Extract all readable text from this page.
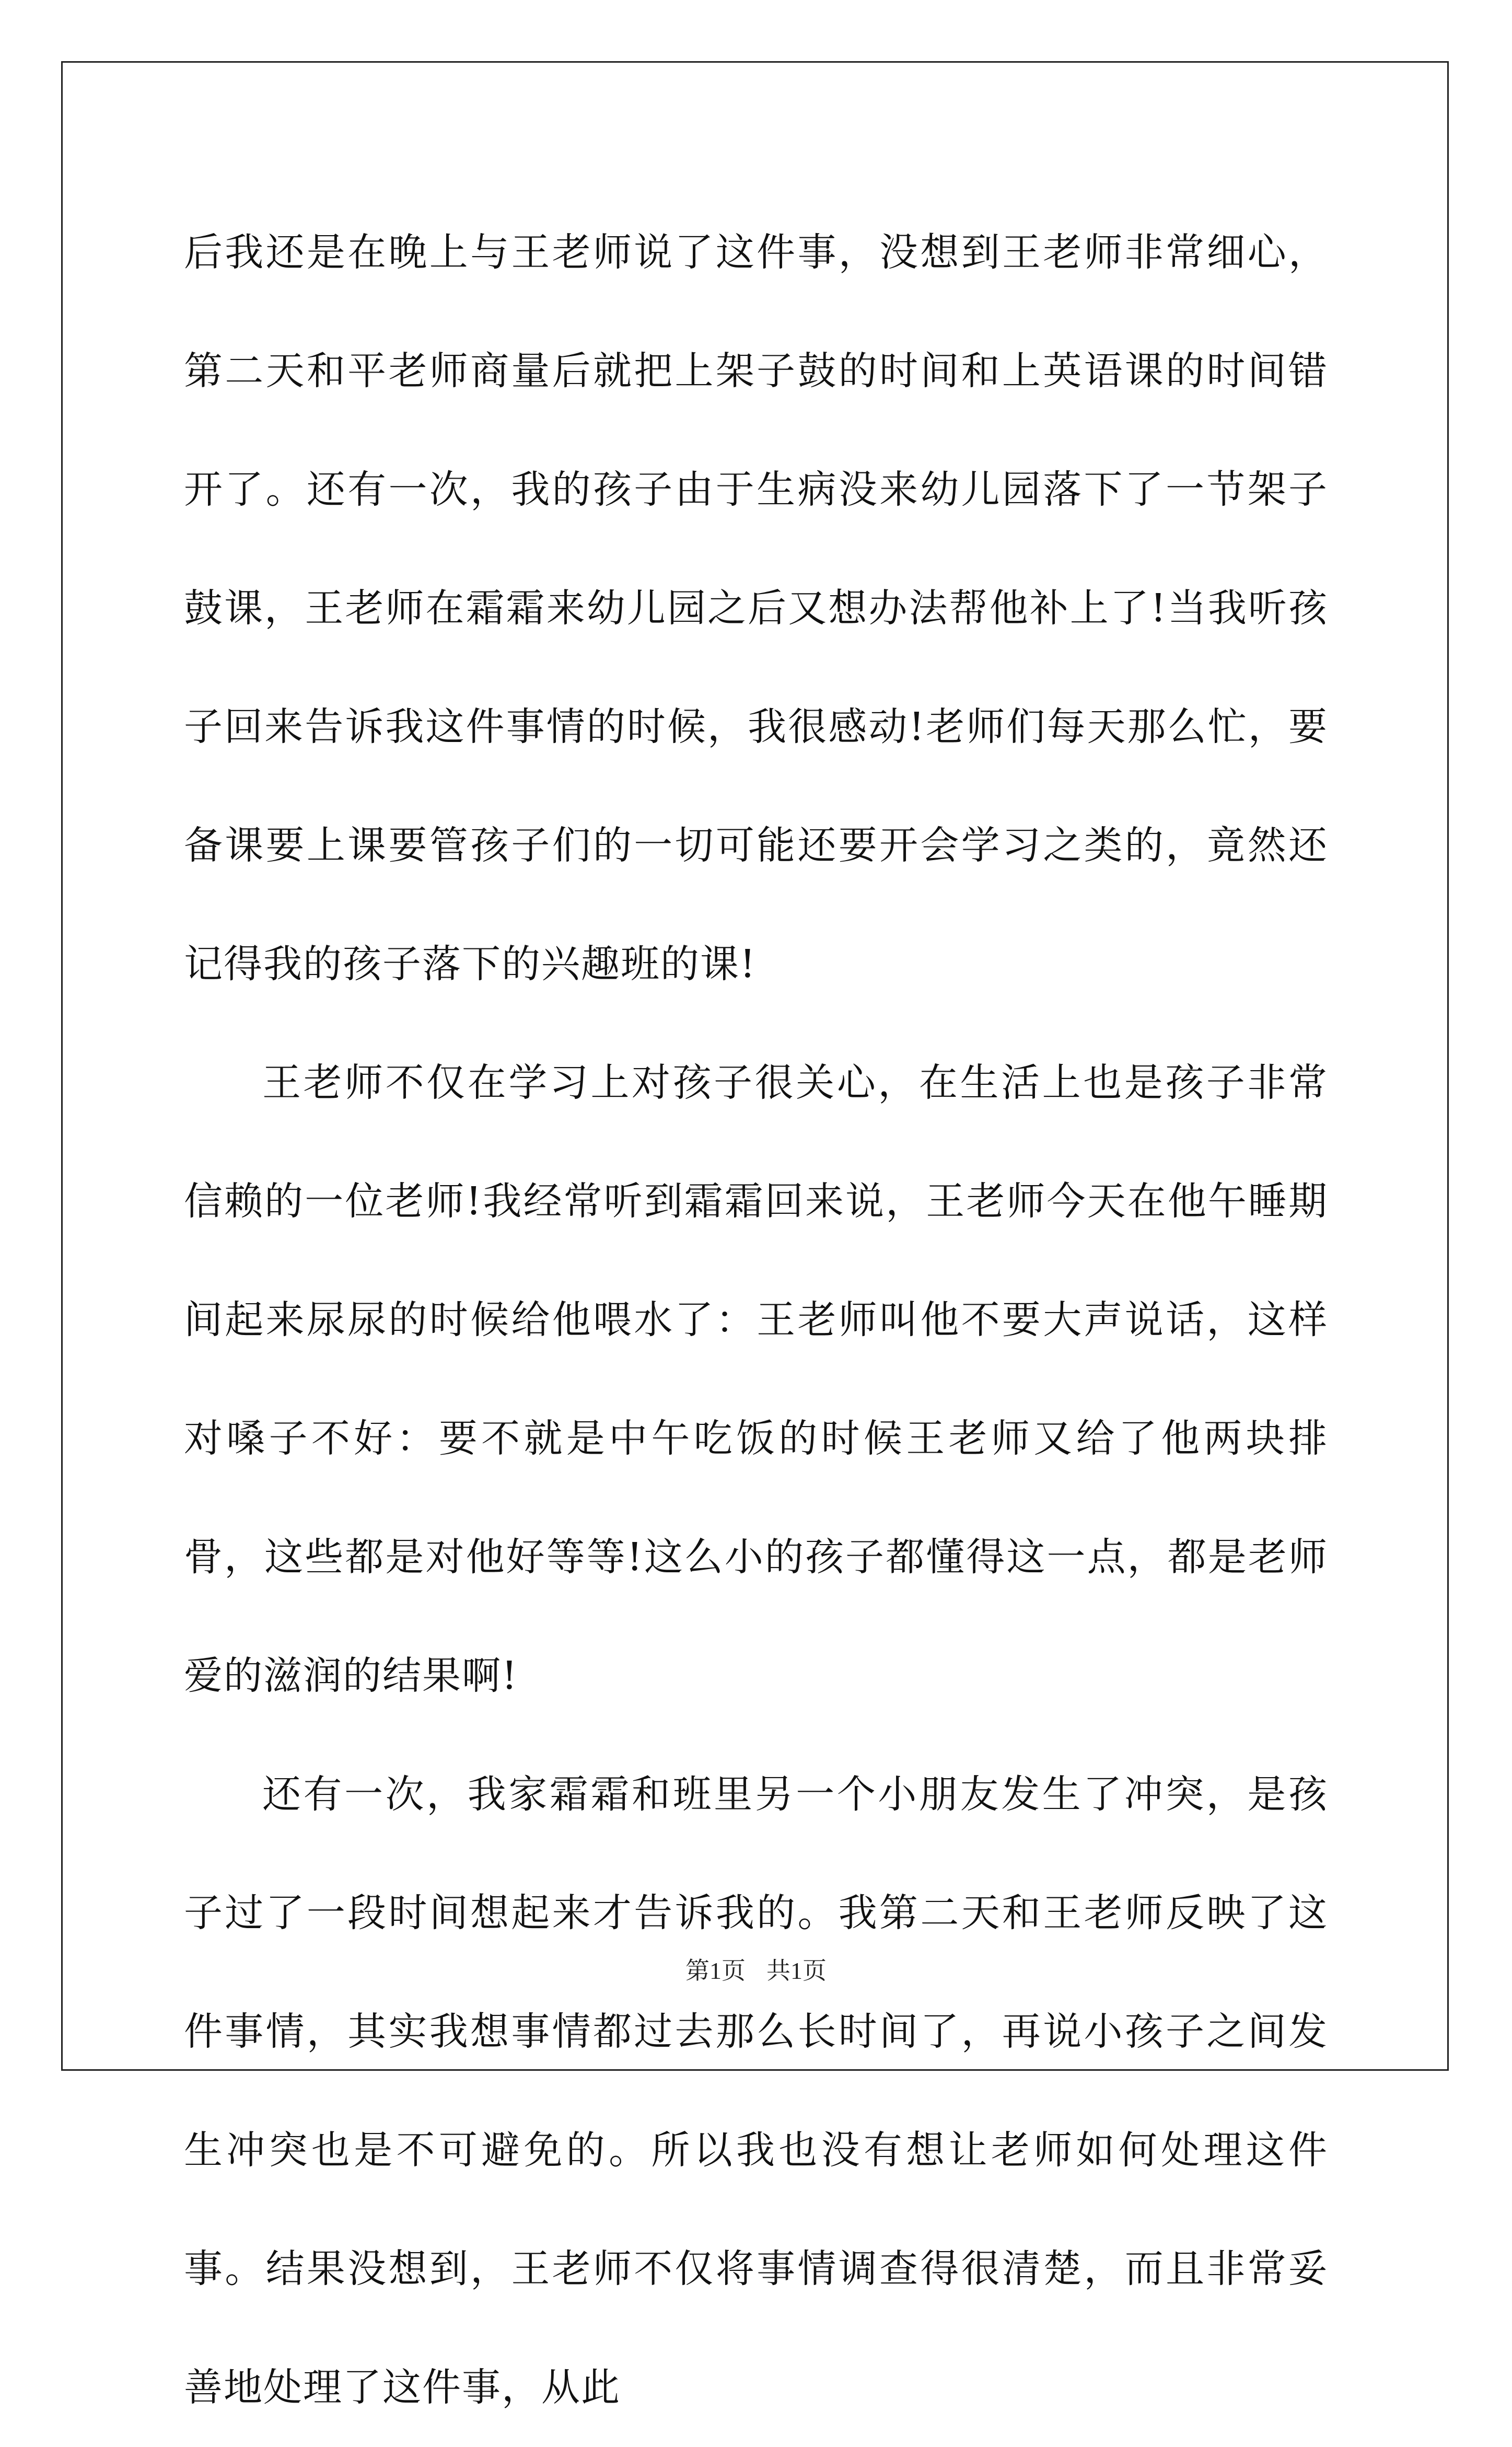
后我还是在晚上与王老师说了这件事，没想到王老师非常细心，第二天和平老师商量后就把上架子鼓的时间和上英语课的时间错开了。还有一次，我的孩子由于生病没来幼儿园落下了一节架子鼓课，王老师在霜霜来幼儿园之后又想办法帮他补上了!当我听孩子回来告诉我这件事情的时候，我很感动!老师们每天那么忙，要备课要上课要管孩子们的一切可能还要开会学习之类的，竟然还记得我的孩子落下的兴趣班的课!

王老师不仅在学习上对孩子很关心，在生活上也是孩子非常信赖的一位老师!我经常听到霜霜回来说，王老师今天在他午睡期间起来尿尿的时候给他喂水了：王老师叫他不要大声说话，这样对嗓子不好：要不就是中午吃饭的时候王老师又给了他两块排骨，这些都是对他好等等!这么小的孩子都懂得这一点，都是老师爱的滋润的结果啊!

还有一次，我家霜霜和班里另一个小朋友发生了冲突，是孩子过了一段时间想起来才告诉我的。我第二天和王老师反映了这件事情，其实我想事情都过去那么长时间了，再说小孩子之间发生冲突也是不可避免的。所以我也没有想让老师如何处理这件事。结果没想到，王老师不仅将事情调查得很清楚，而且非常妥善地处理了这件事，从此

第1页 共1页
